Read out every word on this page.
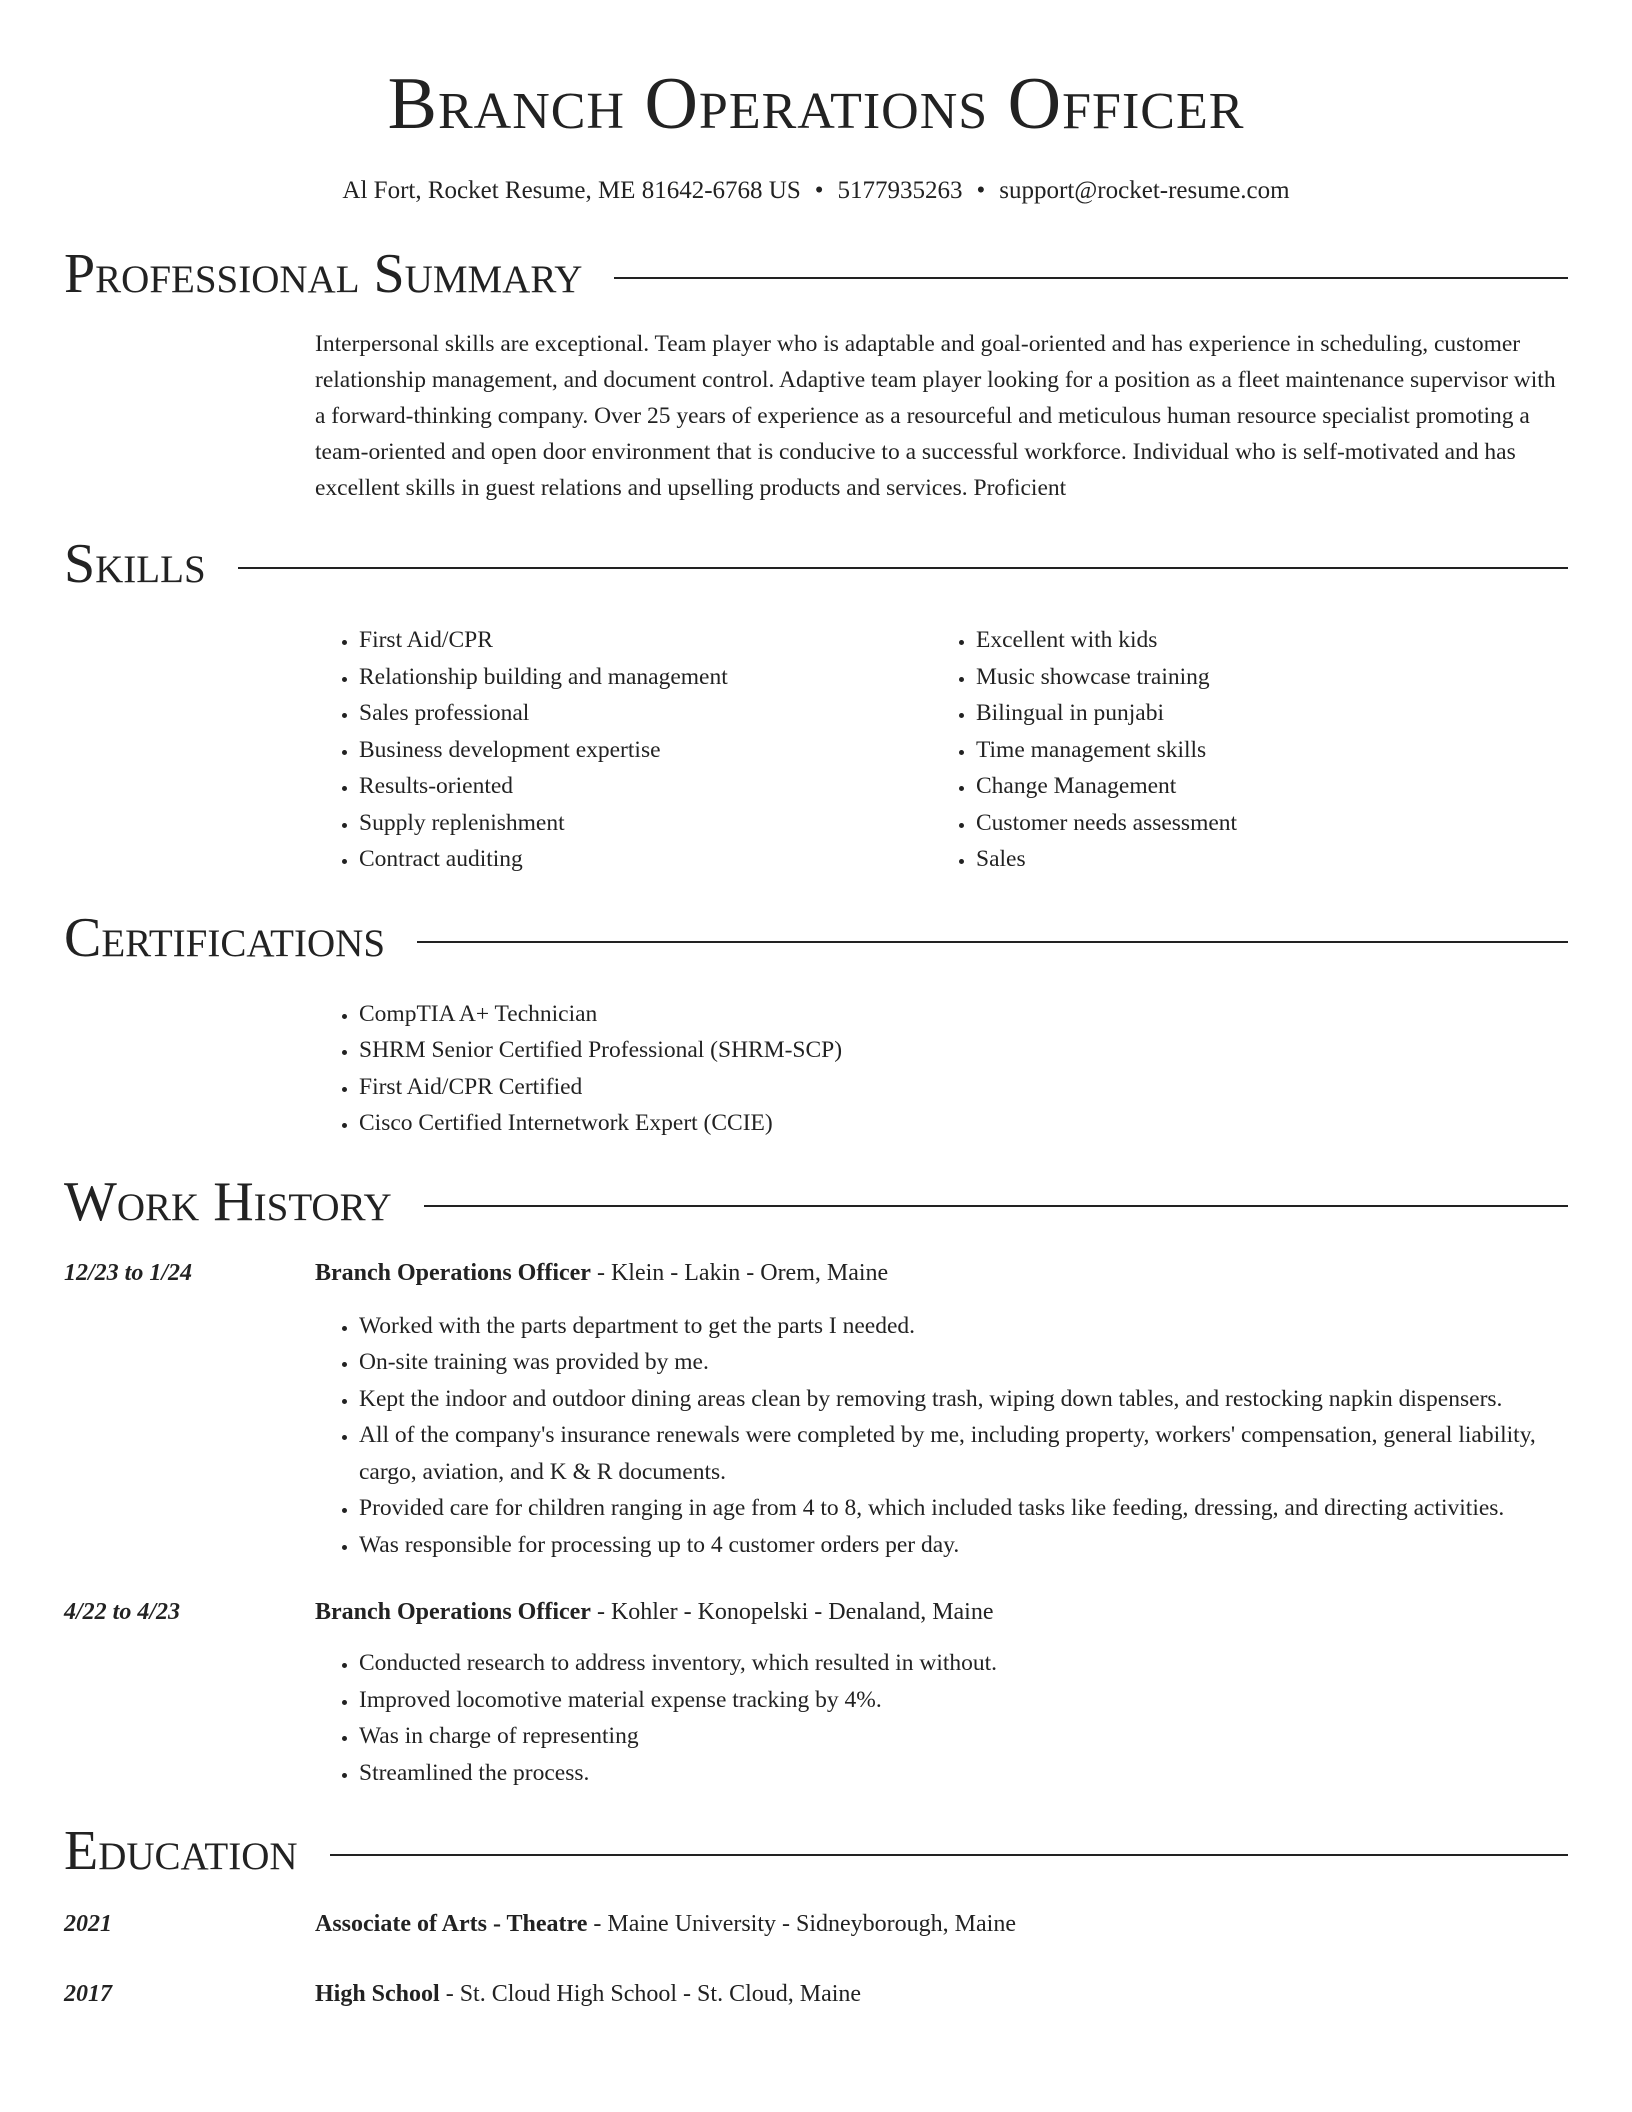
Branch Operations Officer
Al Fort, Rocket Resume, ME 81642-6768 US • 5177935263 • support@rocket-resume.com
Professional Summary

Interpersonal skills are exceptional. Team player who is adaptable and goal-oriented and has experience in scheduling, customer relationship management, and document control. Adaptive team player looking for a position as a fleet maintenance supervisor with a forward-thinking company. Over 25 years of experience as a resourceful and meticulous human resource specialist promoting a team-oriented and open door environment that is conducive to a successful workforce. Individual who is self-motivated and has excellent skills in guest relations and upselling products and services. Proficient

Skills
• First Aid/CPR
• Relationship building and management
• Sales professional
• Business development expertise
• Results-oriented
• Supply replenishment
• Contract auditing
• Excellent with kids
• Music showcase training
• Bilingual in punjabi
• Time management skills
• Change Management
• Customer needs assessment
• Sales
Certifications
• CompTIA A+ Technician
• SHRM Senior Certified Professional (SHRM-SCP)
• First Aid/CPR Certified
• Cisco Certified Internetwork Expert (CCIE)
Work History
12/23 to 1/24	Branch Operations Officer - Klein - Lakin - Orem, Maine
• Worked with the parts department to get the parts I needed.
• On-site training was provided by me.
• Kept the indoor and outdoor dining areas clean by removing trash, wiping down tables, and restocking napkin dispensers.
• All of the company's insurance renewals were completed by me, including property, workers' compensation, general liability, cargo, aviation, and K & R documents.
• Provided care for children ranging in age from 4 to 8, which included tasks like feeding, dressing, and directing activities.
• Was responsible for processing up to 4 customer orders per day.
4/22 to 4/23	Branch Operations Officer - Kohler - Konopelski - Denaland, Maine
• Conducted research to address inventory, which resulted in without.
• Improved locomotive material expense tracking by 4%.
• Was in charge of representing
• Streamlined the process.
Education
2021	Associate of Arts - Theatre - Maine University - Sidneyborough, Maine
2017	High School - St. Cloud High School - St. Cloud, Maine
